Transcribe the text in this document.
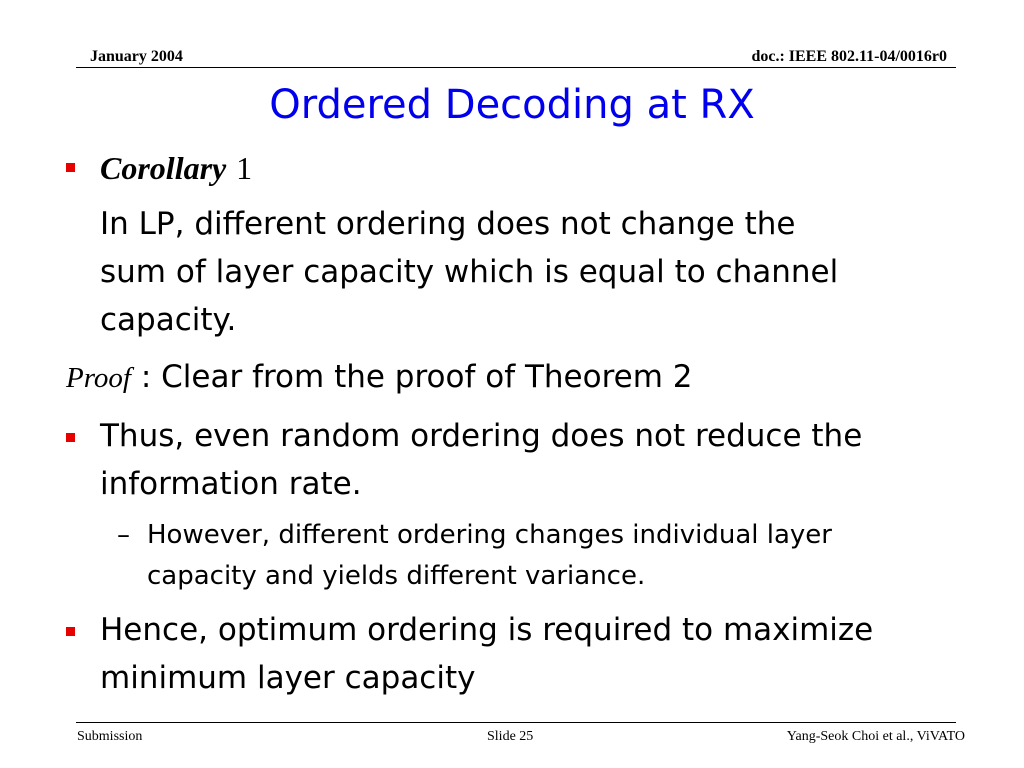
January 2004	doc.: IEEE 802.11-04/0016r0
Ordered Decoding at RX
Corollary 1
In LP, different ordering does not change the
sum of layer capacity which is equal to channel
capacity.
Proof : Clear from the proof of Theorem 2
Thus, even random ordering does not reduce the
information rate.
– However, different ordering changes individual layer
capacity and yields different variance.
Hence, optimum ordering is required to maximize
minimum layer capacity
Submission	Slide 25	Yang-Seok Choi et al., ViVATO
